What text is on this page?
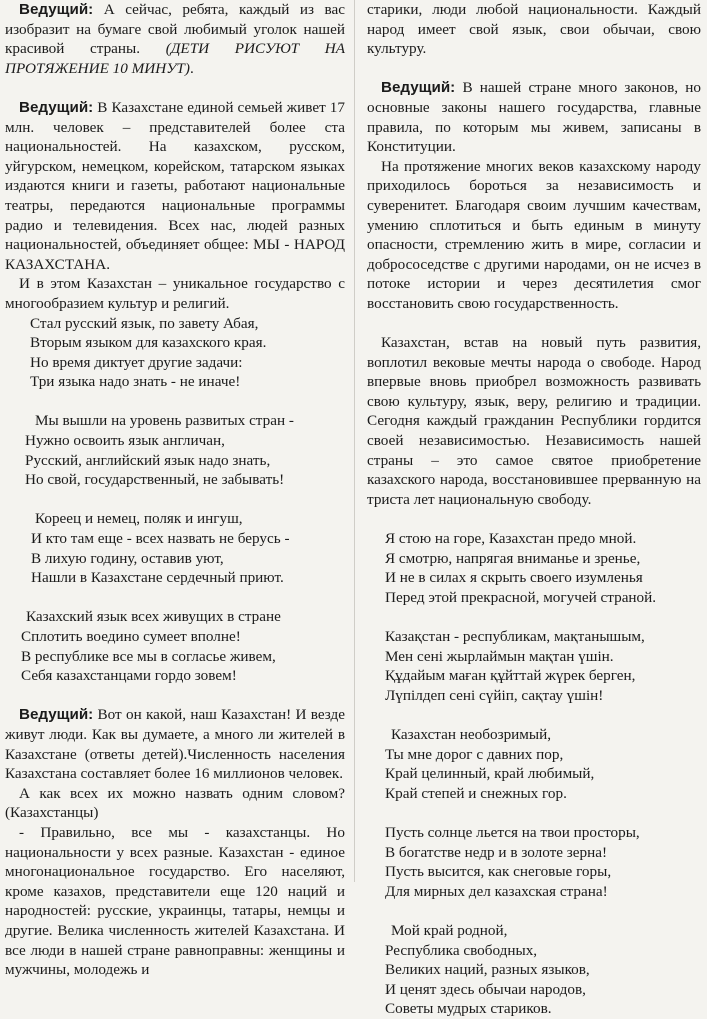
Ведущий: А сейчас, ребята, каждый из вас изобразит на бумаге свой любимый уголок нашей красивой страны. (ДЕТИ РИСУЮТ НА ПРОТЯЖЕНИЕ 10 МИНУТ).

Ведущий: В Казахстане единой семьей живет 17 млн. человек – представителей более ста национальностей. На казахском, русском, уйгурском, немецком, корейском, татарском языках издаются книги и газеты, работают национальные театры, передаются национальные программы радио и телевидения. Всех нас, людей разных национальностей, объединяет общее: МЫ - НАРОД КАЗАХСТАНА.

И в этом Казахстан – уникальное государство с многообразием культур и религий.

Стал русский язык, по завету Абая,
Вторым языком для казахского края.
Но время диктует другие задачи:
Три языка надо знать - не иначе!
Мы вышли на уровень развитых стран -
Нужно освоить язык англичан,
Русский, английский язык надо знать,
Но свой, государственный, не забывать!
Кореец и немец, поляк и ингуш,
И кто там еще - всех назвать не берусь -
В лихую годину, оставив уют,
Нашли в Казахстане сердечный приют.
Казахский язык всех живущих в стране
Сплотить воедино сумеет вполне!
В республике все мы в согласье живем,
Себя казахстанцами гордо зовем!

Ведущий: Вот он какой, наш Казахстан! И везде живут люди. Как вы думаете, а много ли жителей в Казахстане (ответы детей).Численность населения Казахстана составляет более 16 миллионов человек.

А как всех их можно назвать одним словом? (Казахстанцы)

- Правильно, все мы - казахстанцы. Но национальности у всех разные. Казахстан - единое многонациональное государство. Его населяют, кроме казахов, представители еще 120 наций и народностей: русские, украинцы, татары, немцы и другие. Велика численность жителей Казахстана. И все люди в нашей стране равноправны: женщины и мужчины, молодежь и

старики, люди любой национальности. Каждый народ имеет свой язык, свои обычаи, свою культуру.

Ведущий: В нашей стране много законов, но основные законы нашего государства, главные правила, по которым мы живем, записаны в Конституции.

На протяжение многих веков казахскому народу приходилось бороться за независимость и суверенитет. Благодаря своим лучшим качествам, умению сплотиться и быть единым в минуту опасности, стремлению жить в мире, согласии и добрососедстве с другими народами, он не исчез в потоке истории и через десятилетия смог восстановить свою государственность.

Казахстан, встав на новый путь развития, воплотил вековые мечты народа о свободе. Народ впервые вновь приобрел возможность развивать свою культуру, язык, веру, религию и традиции. Сегодня каждый гражданин Республики гордится своей независимостью. Независимость нашей страны – это самое святое приобретение казахского народа, восстановившее прерванную на триста лет национальную свободу.

Я стою на горе, Казахстан предо мной.
Я смотрю, напрягая вниманье и зренье,
И не в силах я скрыть своего изумленья
Перед этой прекрасной, могучей страной.
Казақстан - республикам, мақтанышым,
Мен сені жырлаймын мақтан үшін.
Құдайым маған құйттай жүрек берген,
Лүпілдеп сені сүйіп, сақтау үшін!
Казахстан необозримый,
Ты мне дорог с давних пор,
Край целинный, край любимый,
Край степей и снежных гор.
Пусть солнце льется на твои просторы,
В богатстве недр и в золоте зерна!
Пусть высится, как снеговые горы,
Для мирных дел казахская страна!
Мой край родной,
Республика свободных,
Великих наций, разных языков,
И ценят здесь обычаи народов,
Советы мудрых стариков.
